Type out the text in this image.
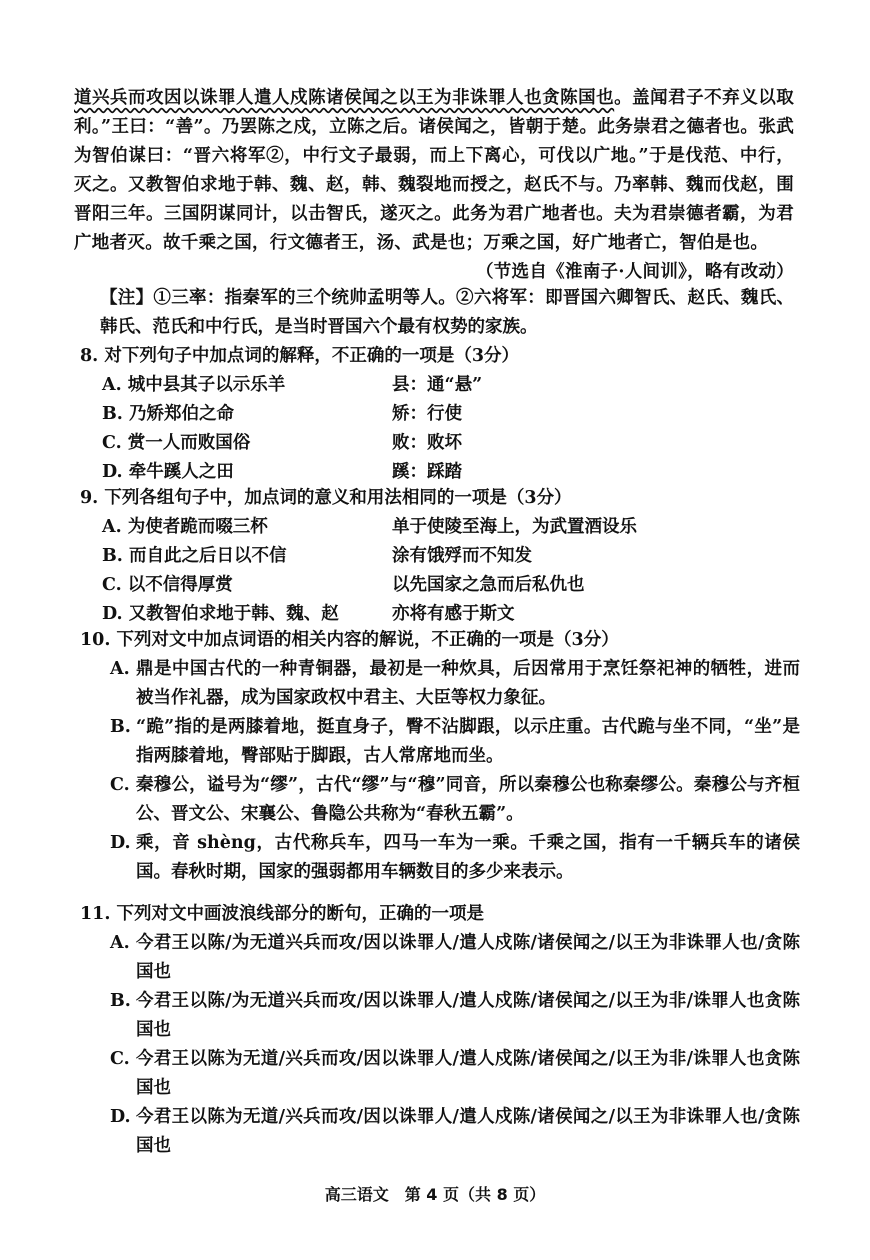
道兴兵而攻因以诛罪人遣人戍陈诸侯闻之以王为非诛罪人也贪陈国也。盖闻君子不弃义以取利。”王曰：“善”。乃罢陈之戍，立陈之后。诸侯闻之，皆朝于楚。此务崇君之德者也。张武为智伯谋曰：“晋六将军②，中行文子最弱，而上下离心，可伐以广地。”于是伐范、中行，灭之。又教智伯求地于韩、魏、赵，韩、魏裂地而授之，赵氏不与。乃率韩、魏而伐赵，围晋阳三年。三国阴谋同计，以击智氏，遂灭之。此务为君广地者也。夫为君崇德者霸，为君广地者灭。故千乘之国，行文德者王，汤、武是也；万乘之国，好广地者亡，智伯是也。
（节选自《淮南子·人间训》，略有改动）

【注】①三率：指秦军的三个统帅孟明等人。②六将军：即晋国六卿智氏、赵氏、魏氏、韩氏、范氏和中行氏，是当时晋国六个最有权势的家族。
8. 对下列句子中加点词的解释，不正确的一项是（3分）
A. 城中县其子以示乐羊	县：通“悬”
B. 乃矫郑伯之命	矫：行使
C. 赏一人而败国俗	败：败坏
D. 牵牛蹊人之田	蹊：踩踏
9. 下列各组句子中，加点词的意义和用法相同的一项是（3分）
A. 为使者跪而啜三杯	单于使陵至海上，为武置酒设乐
B. 而自此之后日以不信	涂有饿殍而不知发
C. 以不信得厚赏	以先国家之急而后私仇也
D. 又教智伯求地于韩、魏、赵	亦将有感于斯文
10. 下列对文中加点词语的相关内容的解说，不正确的一项是（3分）
A. 鼎是中国古代的一种青铜器，最初是一种炊具，后因常用于烹饪祭祀神的牺牲，进而被当作礼器，成为国家政权中君主、大臣等权力象征。
B. “跪”指的是两膝着地，挺直身子，臀不沾脚跟，以示庄重。古代跪与坐不同，“坐”是指两膝着地，臀部贴于脚跟，古人常席地而坐。
C. 秦穆公，谥号为“缪”，古代“缪”与“穆”同音，所以秦穆公也称秦缪公。秦穆公与齐桓公、晋文公、宋襄公、鲁隐公共称为“春秋五霸”。
D. 乘，音 shèng，古代称兵车，四马一车为一乘。千乘之国，指有一千辆兵车的诸侯国。春秋时期，国家的强弱都用车辆数目的多少来表示。
11. 下列对文中画波浪线部分的断句，正确的一项是
A. 今君王以陈/为无道兴兵而攻/因以诛罪人/遣人戍陈/诸侯闻之/以王为非诛罪人也/贪陈国也
B. 今君王以陈/为无道兴兵而攻/因以诛罪人/遣人戍陈/诸侯闻之/以王为非/诛罪人也贪陈国也
C. 今君王以陈为无道/兴兵而攻/因以诛罪人/遣人戍陈/诸侯闻之/以王为非/诛罪人也贪陈国也
D. 今君王以陈为无道/兴兵而攻/因以诛罪人/遣人戍陈/诸侯闻之/以王为非诛罪人也/贪陈国也
高三语文　第 4 页（共 8 页）
